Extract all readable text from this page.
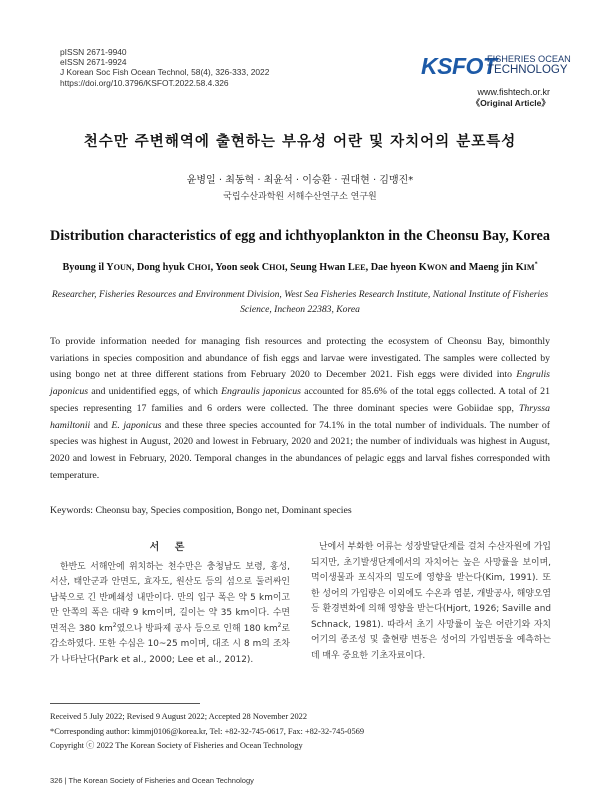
pISSN 2671-9940
eISSN 2671-9924
J Korean Soc Fish Ocean Technol, 58(4), 326-333, 2022
https://doi.org/10.3796/KSFOT.2022.58.4.326
KSFOT
FISHERIES OCEAN
TECHNOLOGY
www.fishtech.or.kr
《Original Article》
천수만 주변해역에 출현하는 부유성 어란 및 자치어의 분포특성
윤병일 · 최동혁 · 최윤석 · 이승환 · 권대현 · 김맹진*
국립수산과학원 서해수산연구소 연구원
Distribution characteristics of egg and ichthyoplankton in the Cheonsu Bay, Korea
Byoung il YOUN, Dong hyuk CHOI, Yoon seok CHOI, Seung Hwan LEE, Dae hyeon KWON and Maeng jin KIM*
Researcher, Fisheries Resources and Environment Division, West Sea Fisheries Research Institute, National Institute of Fisheries
Science, Incheon 22383, Korea
To provide information needed for managing fish resources and protecting the ecosystem of Cheonsu Bay, bimonthly variations in species composition and abundance of fish eggs and larvae were investigated. The samples were collected by using bongo net at three different stations from February 2020 to December 2021. Fish eggs were divided into Engrulis japonicus and unidentified eggs, of which Engraulis japonicus accounted for 85.6% of the total eggs collected. A total of 21 species representing 17 families and 6 orders were collected. The three dominant species were Gobiidae spp, Thryssa hamiltonii and E. japonicus and these three species accounted for 74.1% in the total number of individuals. The number of species was highest in August, 2020 and lowest in February, 2020 and 2021; the number of individuals was highest in August, 2020 and lowest in February, 2020. Temporal changes in the abundances of pelagic eggs and larval fishes corresponded with temperature.
Keywords: Cheonsu bay, Species composition, Bongo net, Dominant species
서 론

한반도 서해안에 위치하는 천수만은 충청남도 보령, 홍성, 서산, 태안군과 안면도, 효자도, 원산도 등의 섬으로 둘러싸인 남북으로 긴 반폐쇄성 내만이다. 만의 입구 폭은 약 5 km이고 만 안쪽의 폭은 대략 9 km이며, 길이는 약 35 km이다. 수면 면적은 380 $km^2$였으나 방파제 공사 등으로 인해 180 $km^2$로 감소하였다. 또한 수심은 10~25 m이며, 대조 시 8 m의 조차가 나타난다(Park et al., 2000; Lee et al., 2012).

난에서 부화한 어류는 성장발달단계를 걸쳐 수산자원에 가입되지만, 초기발생단계에서의 자치어는 높은 사망률을 보이며, 먹이생물과 포식자의 밀도에 영향을 받는다(Kim, 1991). 또한 성어의 가입량은 이외에도 수온과 염분, 개발공사, 해양오염 등 환경변화에 의해 영향을 받는다(Hjort, 1926; Saville and Schnack, 1981). 따라서 초기 사망률이 높은 어란기와 자치어기의 종조성 및 출현량 변동은 성어의 가입변동을 예측하는데 매우 중요한 기초자료이다.

Received 5 July 2022; Revised 9 August 2022; Accepted 28 November 2022
*Corresponding author: kimmj0106@korea.kr, Tel: +82-32-745-0617, Fax: +82-32-745-0569
Copyright ⓒ 2022 The Korean Society of Fisheries and Ocean Technology
326 | The Korean Society of Fisheries and Ocean Technology
